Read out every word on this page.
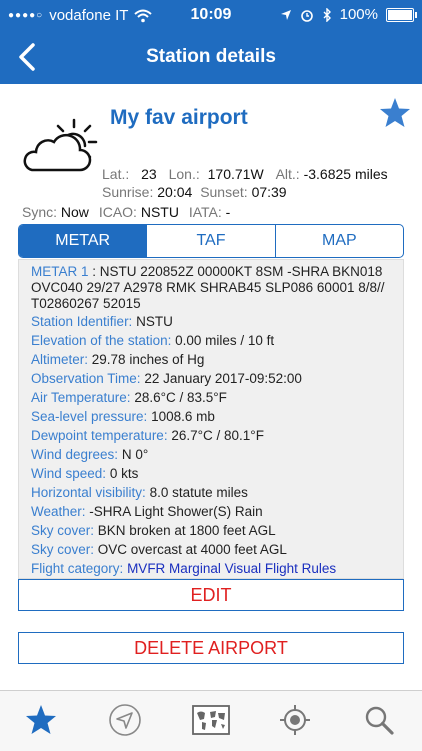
●●●●○ vodafone IT	10:09	100%
Station details
My fav airport
Lat.: 23 Lon.: 170.71W Alt.: -3.6825 miles
Sunrise: 20:04 Sunset: 07:39
Sync: Now ICAO: NSTU IATA: -
METAR	TAF	MAP
METAR 1 : NSTU 220852Z 00000KT 8SM -SHRA BKN018 OVC040 29/27 A2978 RMK SHRAB45 SLP086 60001 8/8// T02860267 52015
Station Identifier: NSTU
Elevation of the station: 0.00 miles / 10 ft
Altimeter: 29.78 inches of Hg
Observation Time: 22 January 2017-09:52:00
Air Temperature: 28.6°C / 83.5°F
Sea-level pressure: 1008.6 mb
Dewpoint temperature: 26.7°C / 80.1°F
Wind degrees: N 0°
Wind speed: 0 kts
Horizontal visibility: 8.0 statute miles
Weather: -SHRA Light Shower(S) Rain
Sky cover: BKN broken at 1800 feet AGL
Sky cover: OVC overcast at 4000 feet AGL
Flight category: MVFR Marginal Visual Flight Rules
EDIT
DELETE AIRPORT
